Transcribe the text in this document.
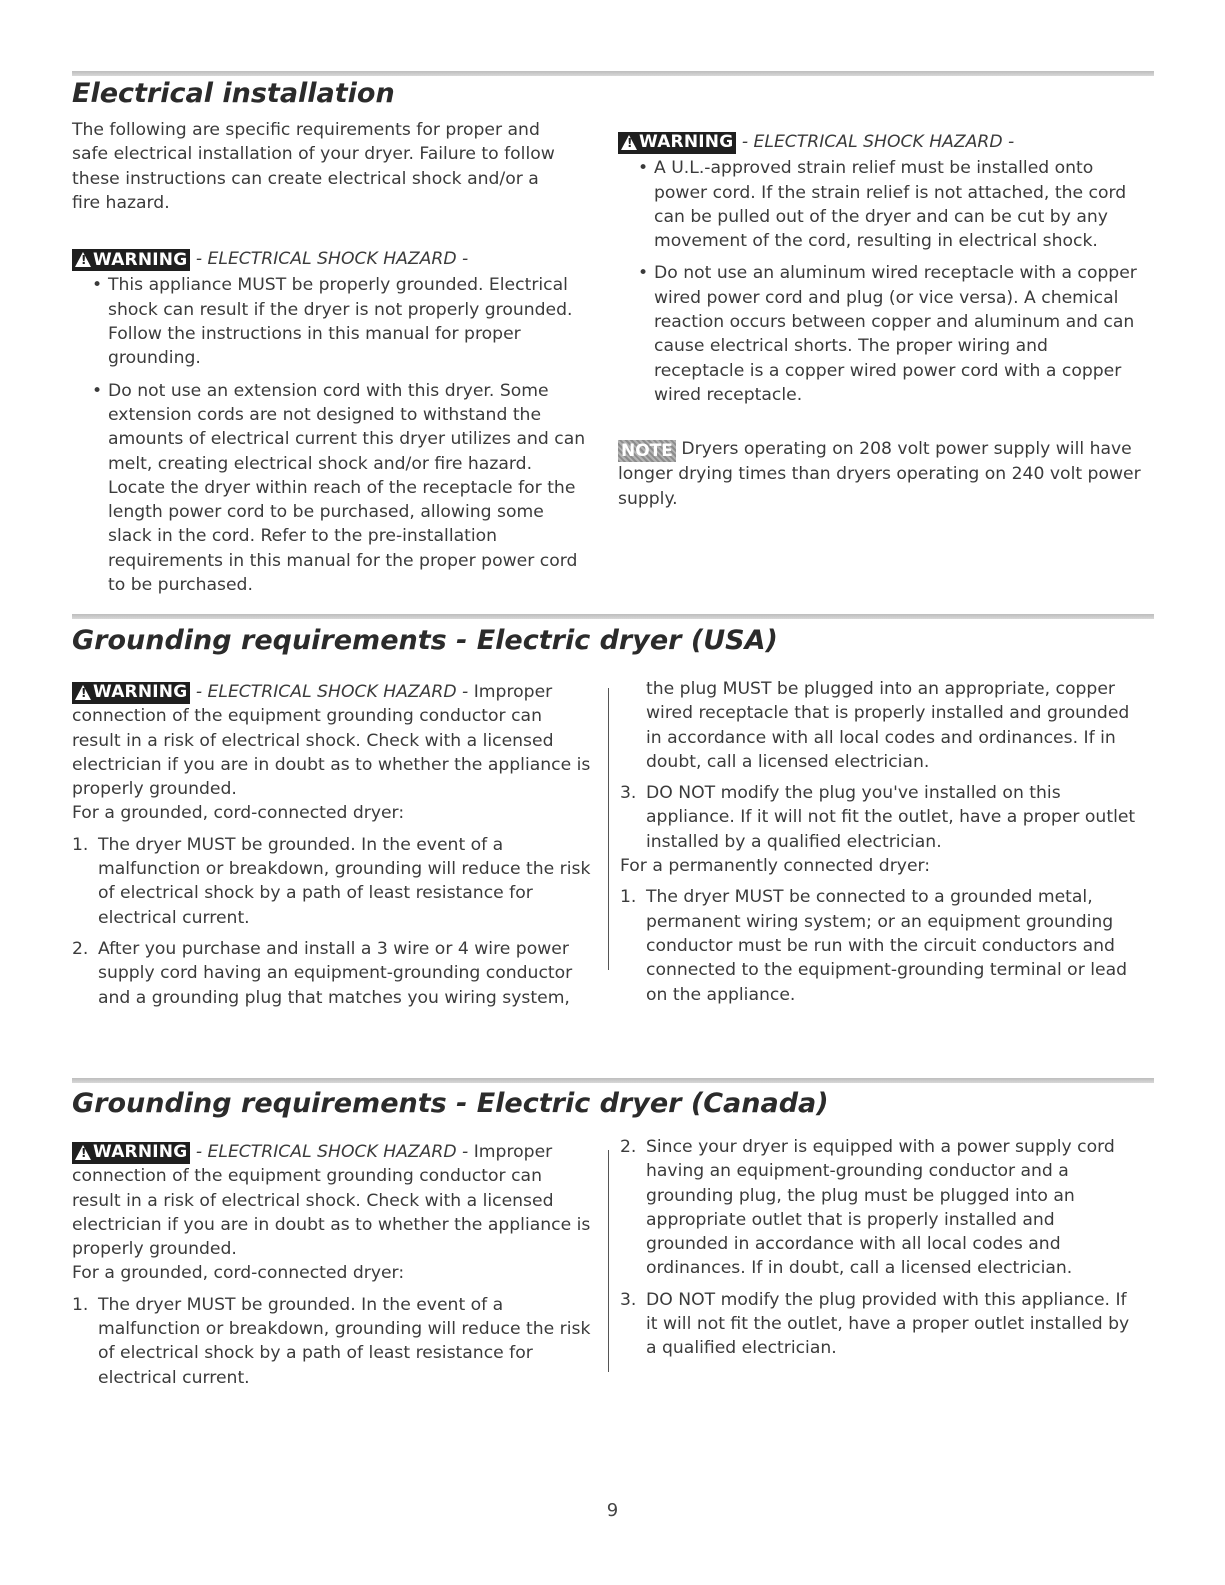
Electrical installation

The following are specific requirements for proper and safe electrical installation of your dryer. Failure to follow these instructions can create electrical shock and/or a fire hazard.

! WARNING - ELECTRICAL SHOCK HAZARD -

• This appliance MUST be properly grounded. Electrical shock can result if the dryer is not properly grounded. Follow the instructions in this manual for proper grounding.
• Do not use an extension cord with this dryer. Some extension cords are not designed to withstand the amounts of electrical current this dryer utilizes and can melt, creating electrical shock and/or fire hazard. Locate the dryer within reach of the receptacle for the length power cord to be purchased, allowing some slack in the cord. Refer to the pre-installation requirements in this manual for the proper power cord to be purchased.

! WARNING - ELECTRICAL SHOCK HAZARD -

• A U.L.-approved strain relief must be installed onto power cord. If the strain relief is not attached, the cord can be pulled out of the dryer and can be cut by any movement of the cord, resulting in electrical shock.
• Do not use an aluminum wired receptacle with a copper wired power cord and plug (or vice versa). A chemical reaction occurs between copper and aluminum and can cause electrical shorts. The proper wiring and receptacle is a copper wired power cord with a copper wired receptacle.

NOTE Dryers operating on 208 volt power supply will have longer drying times than dryers operating on 240 volt power supply.

Grounding requirements - Electric dryer (USA)

! WARNING - ELECTRICAL SHOCK HAZARD - Improper connection of the equipment grounding conductor can result in a risk of electrical shock. Check with a licensed electrician if you are in doubt as to whether the appliance is properly grounded.

For a grounded, cord-connected dryer:

1. The dryer MUST be grounded. In the event of a malfunction or breakdown, grounding will reduce the risk of electrical shock by a path of least resistance for electrical current.
2. After you purchase and install a 3 wire or 4 wire power supply cord having an equipment-grounding conductor and a grounding plug that matches you wiring system,

the plug MUST be plugged into an appropriate, copper wired receptacle that is properly installed and grounded in accordance with all local codes and ordinances. If in doubt, call a licensed electrician.

3. DO NOT modify the plug you've installed on this appliance. If it will not fit the outlet, have a proper outlet installed by a qualified electrician.

For a permanently connected dryer:

1. The dryer MUST be connected to a grounded metal, permanent wiring system; or an equipment grounding conductor must be run with the circuit conductors and connected to the equipment-grounding terminal or lead on the appliance.
Grounding requirements - Electric dryer (Canada)

! WARNING - ELECTRICAL SHOCK HAZARD - Improper connection of the equipment grounding conductor can result in a risk of electrical shock. Check with a licensed electrician if you are in doubt as to whether the appliance is properly grounded.

For a grounded, cord-connected dryer:

1. The dryer MUST be grounded. In the event of a malfunction or breakdown, grounding will reduce the risk of electrical shock by a path of least resistance for electrical current.
2. Since your dryer is equipped with a power supply cord having an equipment-grounding conductor and a grounding plug, the plug must be plugged into an appropriate outlet that is properly installed and grounded in accordance with all local codes and ordinances. If in doubt, call a licensed electrician.
3. DO NOT modify the plug provided with this appliance. If it will not fit the outlet, have a proper outlet installed by a qualified electrician.
9
